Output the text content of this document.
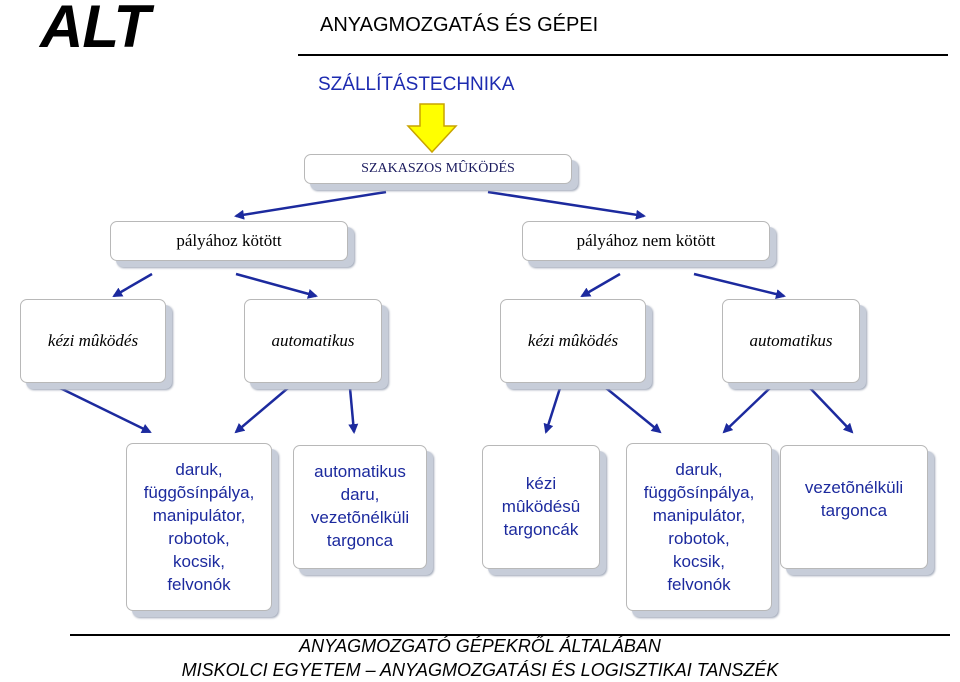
ALT	ANYAGMOZGATÁS ÉS GÉPEI
SZÁLLÍTÁSTECHNIKA
SZAKASZOS MÛKÖDÉS
pályához kötött	pályához nem kötött
kézi mûködés	automatikus	kézi mûködés	automatikus
daruk,
függõsínpálya,
manipulátor,
robotok,
kocsik,
felvonók
automatikus
daru,
vezetõnélküli
targonca
kézi
mûködésû
targoncák
daruk,
függõsínpálya,
manipulátor,
robotok,
kocsik,
felvonók
vezetõnélküli
targonca
ANYAGMOZGATÓ GÉPEKRŐL ÁLTALÁBAN
MISKOLCI EGYETEM – ANYAGMOZGATÁSI ÉS LOGISZTIKAI TANSZÉK
